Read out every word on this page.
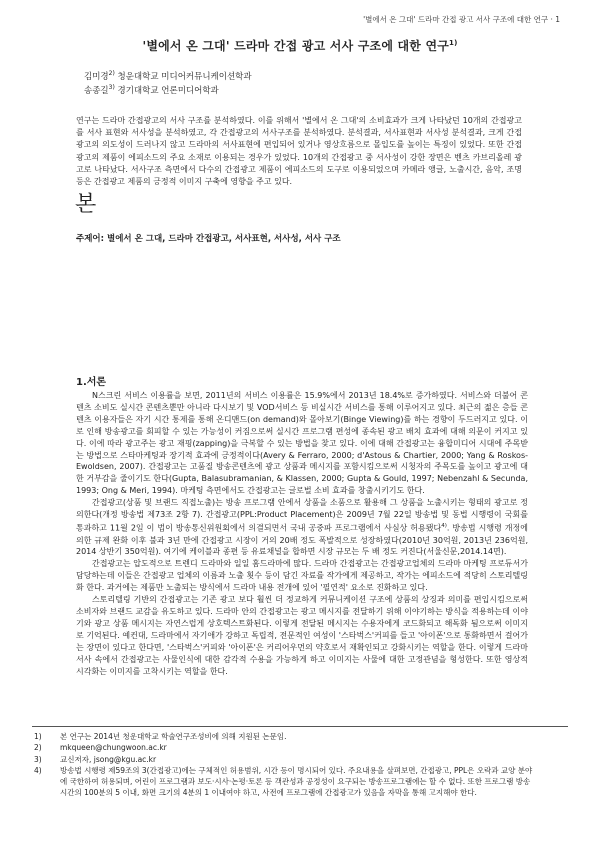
'별에서 온 그대' 드라마 간접 광고 서사 구조에 대한 연구 · 1
'별에서 온 그대' 드라마 간접 광고 서사 구조에 대한 연구$^{1)}$
김미경$^{2)}$ 청운대학교 미디어커뮤니케이션학과
송종길$^{3)}$ 경기대학교 언론미디어학과
연구는 드라마 간접광고의 서사 구조를 분석하였다. 이를 위해서 '별에서 온 그대'의 소비효과가 크게 나타났던 10개의 간접광고를 서사 표현와 서사성을 분석하였고, 각 간접광고의 서사구조를 분석하였다. 분석결과, 서사표현과 서사성 분석결과, 크게 간접광고의 의도성이 드러나지 않고 드라마의 서사표현에 편입되어 있거나 영상흐름으로 몰입도를 높이는 특징이 있었다. 또한 간접광고의 제품이 에피소드의 주요 소재로 이용되는 경우가 있었다. 10개의 간접광고 중 서사성이 강한 장면은 벤츠 카브리올레 광고로 나타났다. 서사구조 측면에서 다수의 간접광고 제품이 에피소드의 도구로 이용되었으며 카메라 앵글, 노출시간, 음악, 조명등은 간접광고 제품의 긍정적 이미지 구축에 영향을 주고 있다.
본
주제어: 별에서 온 그대, 드라마 간접광고, 서사표현, 서사성, 서사 구조
1.서론

N스크린 서비스 이용률을 보면, 2011년의 서비스 이용률은 15.9%에서 2013년 18.4%로 증가하였다. 서비스와 더불어 콘텐츠 소비도 실시간 콘텐츠뿐만 아니라 다시보기 및 VOD서비스 등 비실시간 서비스를 통해 이루어지고 있다. 최근의 젊은 층들 콘텐츠 이용자들은 자기 시간 통제를 통해 온디맨드(on demand)와 몰아보기(Binge Viewing)를 하는 경향이 두드러지고 있다. 이로 인해 방송광고를 회피할 수 있는 가능성이 커짐으로써 실시간 프로그램 편성에 종속된 광고 배치 효과에 대해 의문이 커지고 있다. 이에 따라 광고주는 광고 재핑(zapping)을 극복할 수 있는 방법을 찾고 있다. 이에 대해 간접광고는 융합미디어 시대에 주목받는 방법으로 스타마케팅과 장기적 효과에 긍정적이다(Avery & Ferraro, 2000; d'Astous & Chartier, 2000; Yang & Roskos-Ewoldsen, 2007). 간접광고는 고품질 방송콘텐츠에 광고 상품과 메시지를 포함시킴으로써 시청자의 주목도를 높이고 광고에 대한 거부감을 줄이기도 한다(Gupta, Balasubramanian, & Klassen, 2000; Gupta & Gould, 1997; Nebenzahl & Secunda, 1993; Ong & Meri, 1994). 마케팅 측면에서도 간접광고는 글로벌 소비 효과를 창출시키기도 한다.

간접광고(상품 및 브랜드 직접노출)는 방송 프로그램 안에서 상품을 소품으로 활용해 그 상품을 노출시키는 형태의 광고로 정의한다(개정 방송법 제73조 2항 7). 간접광고(PPL:Product Placement)은 2009년 7월 22일 방송법 및 동법 시행령이 국회를 통과하고 11월 2일 이 법이 방송통신위원회에서 의결되면서 국내 공중파 프로그램에서 사실상 허용됐다$^{4)}$. 방송법 시행령 개정에 의한 규제 완화 이후 불과 3년 만에 간접광고 시장이 거의 20배 정도 폭발적으로 성장하였다(2010년 30억원, 2013년 236억원, 2014 상반기 350억원). 여기에 케이블과 종편 등 유료채널을 합하면 시장 규모는 두 배 정도 커진다(서울신문,2014.14면).

간접광고는 압도적으로 트렌디 드라마와 일일 홈드라마에 많다. 드라마 간접광고는 간접광고업체의 드라마 마케팅 프로듀서가 담당하는데 이들은 간접광고 업체의 이름과 노출 횟수 등이 담긴 자료를 작가에게 제공하고, 작가는 에피소드에 적당히 스토리텔링화 한다. 과거에는 제품만 노출되는 방식에서 드라마 내용 전개에 있어 '필연적' 요소로 진화하고 있다.

스토리텔링 기반의 간접광고는 기존 광고 보다 훨씬 더 정교하게 커뮤니케이션 구조에 상품의 상징과 의미를 편입시킴으로써 소비자와 브랜드 교감을 유도하고 있다. 드라마 안의 간접광고는 광고 메시지를 전달하기 위해 이야기하는 방식을 적용하는데 이야기와 광고 상품 메시지는 자연스럽게 상호텍스트화된다. 이렇게 전달된 메시지는 수용자에게 코드화되고 해독화 됨으로써 이미지로 기억된다. 예컨대, 드라마에서 자기애가 강하고 독립적, 전문적인 여성이 '스타벅스'커피를 들고 '아이폰'으로 통화하면서 걸어가는 장면이 있다고 한다면, '스타벅스'커피와 '아이폰'은 커리어우먼의 약호로서 재확인되고 강화시키는 역할을 한다. 이렇게 드라마 서사 속에서 간접광고는 사물인식에 대한 감각적 수용을 가능하게 하고 이미지는 사물에 대한 고정관념을 형성한다. 또한 영상적 시각화는 이미지를 고착시키는 역할을 한다.

1)	본 연구는 2014년 청운대학교 학술연구조성비에 의해 지원된 논문임.
2)	mkqueen@chungwoon.ac.kr
3)	교신저자, jsong@kgu.ac.kr
4)	방송법 시행령 제59조의 3(간접광고)에는 구체적인 허용범위, 시간 등이 명시되어 있다. 주요내용을 살펴보면, 간접광고, PPL은 오락과 교양 분야에 국한하여 허용되며, 어린이 프로그램과 보도·시사·논평·토론 등 객관성과 공정성이 요구되는 방송프로그램에는 할 수 없다. 또한 프로그램 방송 시간의 100분의 5 이내, 화면 크기의 4분의 1 이내여야 하고, 사전에 프로그램에 간접광고가 있음을 자막을 통해 고지해야 한다.
